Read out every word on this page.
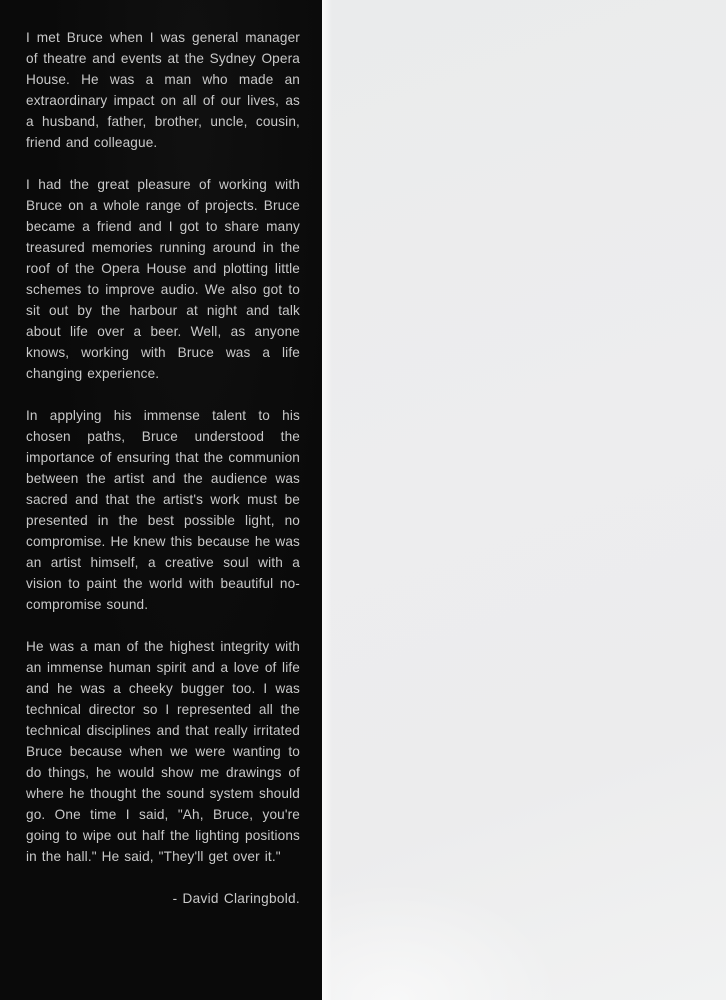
I met Bruce when I was general manager of theatre and events at the Sydney Opera House. He was a man who made an extraordinary impact on all of our lives, as a husband, father, brother, uncle, cousin, friend and colleague.

I had the great pleasure of working with Bruce on a whole range of projects. Bruce became a friend and I got to share many treasured memories running around in the roof of the Opera House and plotting little schemes to improve audio. We also got to sit out by the harbour at night and talk about life over a beer. Well, as anyone knows, working with Bruce was a life changing experience.

In applying his immense talent to his chosen paths, Bruce understood the importance of ensuring that the communion between the artist and the audience was sacred and that the artist's work must be presented in the best possible light, no compromise. He knew this because he was an artist himself, a creative soul with a vision to paint the world with beautiful no-compromise sound.

He was a man of the highest integrity with an immense human spirit and a love of life and he was a cheeky bugger too. I was technical director so I represented all the technical disciplines and that really irritated Bruce because when we were wanting to do things, he would show me drawings of where he thought the sound system should go. One time I said, "Ah, Bruce, you're going to wipe out half the lighting positions in the hall." He said, "They'll get over it."

- David Claringbold.
